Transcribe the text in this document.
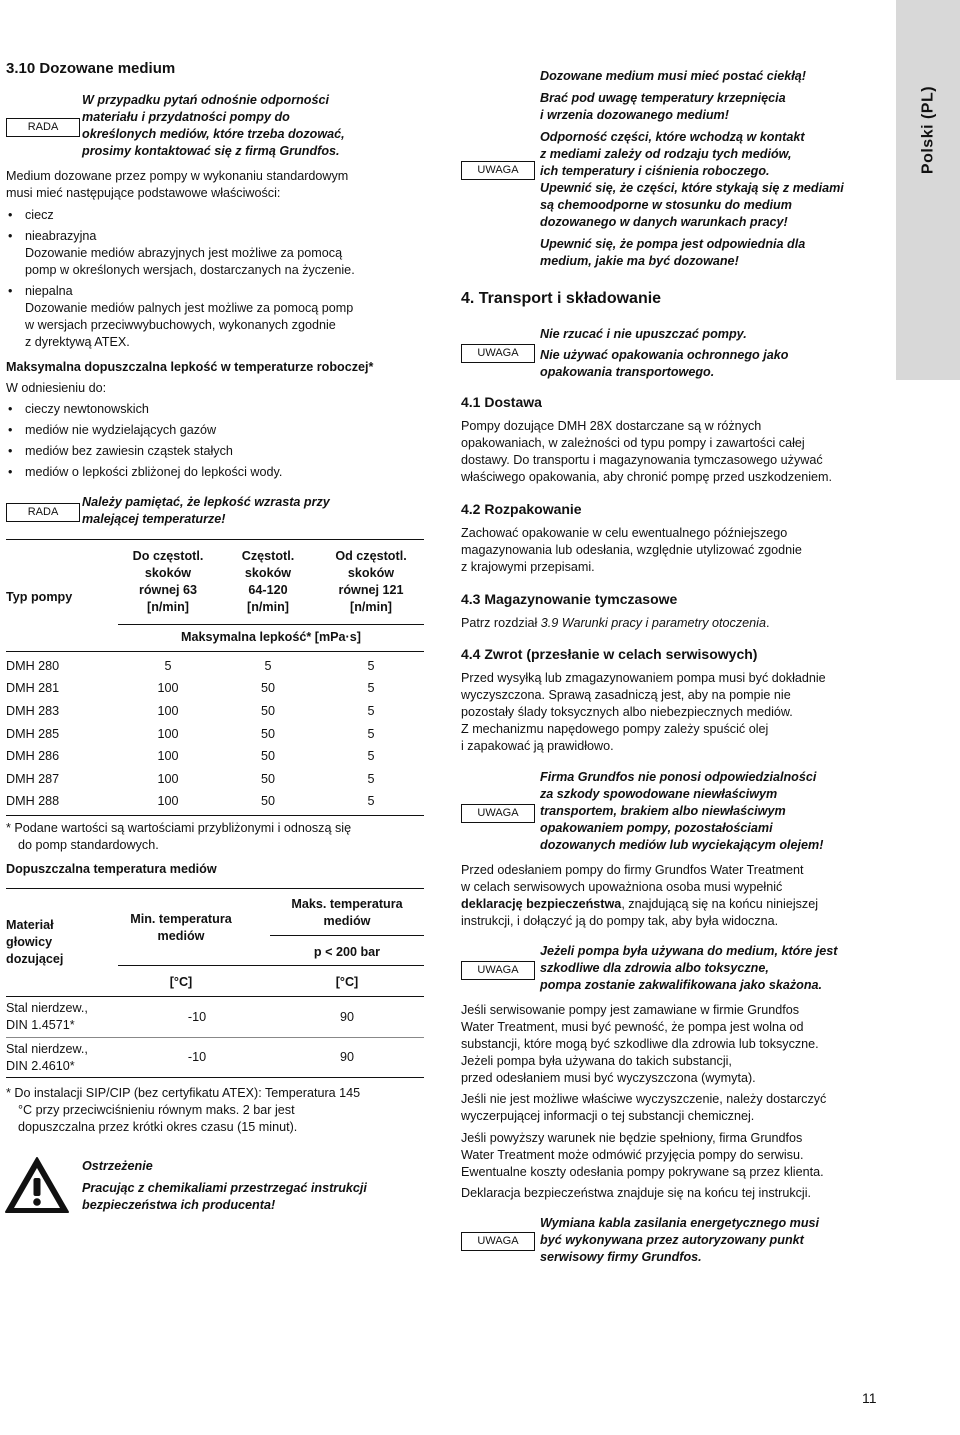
Polski (PL)
3.10 Dozowane medium
RADA
W przypadku pytań odnośnie odporności
materiału i przydatności pompy do
określonych mediów, które trzeba dozować,
prosimy kontaktować się z firmą Grundfos.
Medium dozowane przez pompy w wykonaniu standardowym
musi mieć następujące podstawowe właściwości:
• ciecz
• nieabrazyjna
Dozowanie mediów abrazyjnych jest możliwe za pomocą
pomp w określonych wersjach, dostarczanych na życzenie.
• niepalna
Dozowanie mediów palnych jest możliwe za pomocą pomp
w wersjach przeciwwybuchowych, wykonanych zgodnie
z dyrektywą ATEX.
Maksymalna dopuszczalna lepkość w temperaturze roboczej*
W odniesieniu do:
• cieczy newtonowskich
• mediów nie wydzielających gazów
• mediów bez zawiesin cząstek stałych
• mediów o lepkości zbliżonej do lepkości wody.
RADA
Należy pamiętać, że lepkość wzrasta przy
malejącej temperaturze!
Typ pompy
Do częstotl.
skoków
równej 63
[n/min]
Częstotl.
skoków
64-120
[n/min]
Od częstotl.
skoków
równej 121
[n/min]
Maksymalna lepkość* [mPa·s]
DMH 280	5	5	5
DMH 281	100	50	5
DMH 283	100	50	5
DMH 285	100	50	5
DMH 286	100	50	5
DMH 287	100	50	5
DMH 288	100	50	5
* Podane wartości są wartościami przybliżonymi i odnoszą się
do pomp standardowych.
Dopuszczalna temperatura mediów
Materiał
głowicy
dozującej
Min. temperatura
mediów
Maks. temperatura
mediów
p < 200 bar
[°C]	[°C]
Stal nierdzew.,
DIN 1.4571*
-10	90
Stal nierdzew.,
DIN 2.4610*
-10	90
* Do instalacji SIP/CIP (bez certyfikatu ATEX): Temperatura 145
°C przy przeciwciśnieniu równym maks. 2 bar jest
dopuszczalna przez krótki okres czasu (15 minut).
Ostrzeżenie
Pracując z chemikaliami przestrzegać instrukcji
bezpieczeństwa ich producenta!
UWAGA
Dozowane medium musi mieć postać ciekłą!
Brać pod uwagę temperatury krzepnięcia
i wrzenia dozowanego medium!
Odporność części, które wchodzą w kontakt
z mediami zależy od rodzaju tych mediów,
ich temperatury i ciśnienia roboczego.
Upewnić się, że części, które stykają się z mediami
są chemoodporne w stosunku do medium
dozowanego w danych warunkach pracy!
Upewnić się, że pompa jest odpowiednia dla
medium, jakie ma być dozowane!
4. Transport i składowanie
UWAGA
Nie rzucać i nie upuszczać pompy.
Nie używać opakowania ochronnego jako
opakowania transportowego.
4.1 Dostawa
Pompy dozujące DMH 28X dostarczane są w różnych
opakowaniach, w zależności od typu pompy i zawartości całej
dostawy. Do transportu i magazynowania tymczasowego używać
właściwego opakowania, aby chronić pompę przed uszkodzeniem.
4.2 Rozpakowanie
Zachować opakowanie w celu ewentualnego późniejszego
magazynowania lub odesłania, względnie utylizować zgodnie
z krajowymi przepisami.
4.3 Magazynowanie tymczasowe
Patrz rozdział 3.9 Warunki pracy i parametry otoczenia.
4.4 Zwrot (przesłanie w celach serwisowych)
Przed wysyłką lub zmagazynowaniem pompa musi być dokładnie
wyczyszczona. Sprawą zasadniczą jest, aby na pompie nie
pozostały ślady toksycznych albo niebezpiecznych mediów.
Z mechanizmu napędowego pompy zależy spuścić olej
i zapakować ją prawidłowo.
UWAGA
Firma Grundfos nie ponosi odpowiedzialności
za szkody spowodowane niewłaściwym
transportem, brakiem albo niewłaściwym
opakowaniem pompy, pozostałościami
dozowanych mediów lub wyciekającym olejem!
Przed odesłaniem pompy do firmy Grundfos Water Treatment
w celach serwisowych upoważniona osoba musi wypełnić
deklarację bezpieczeństwa, znajdującą się na końcu niniejszej
instrukcji, i dołączyć ją do pompy tak, aby była widoczna.
UWAGA
Jeżeli pompa była używana do medium, które jest
szkodliwe dla zdrowia albo toksyczne,
pompa zostanie zakwalifikowana jako skażona.
Jeśli serwisowanie pompy jest zamawiane w firmie Grundfos
Water Treatment, musi być pewność, że pompa jest wolna od
substancji, które mogą być szkodliwe dla zdrowia lub toksyczne.
Jeżeli pompa była używana do takich substancji,
przed odesłaniem musi być wyczyszczona (wymyta).
Jeśli nie jest możliwe właściwe wyczyszczenie, należy dostarczyć
wyczerpującej informacji o tej substancji chemicznej.
Jeśli powyższy warunek nie będzie spełniony, firma Grundfos
Water Treatment może odmówić przyjęcia pompy do serwisu.
Ewentualne koszty odesłania pompy pokrywane są przez klienta.
Deklaracja bezpieczeństwa znajduje się na końcu tej instrukcji.
UWAGA
Wymiana kabla zasilania energetycznego musi
być wykonywana przez autoryzowany punkt
serwisowy firmy Grundfos.
11
